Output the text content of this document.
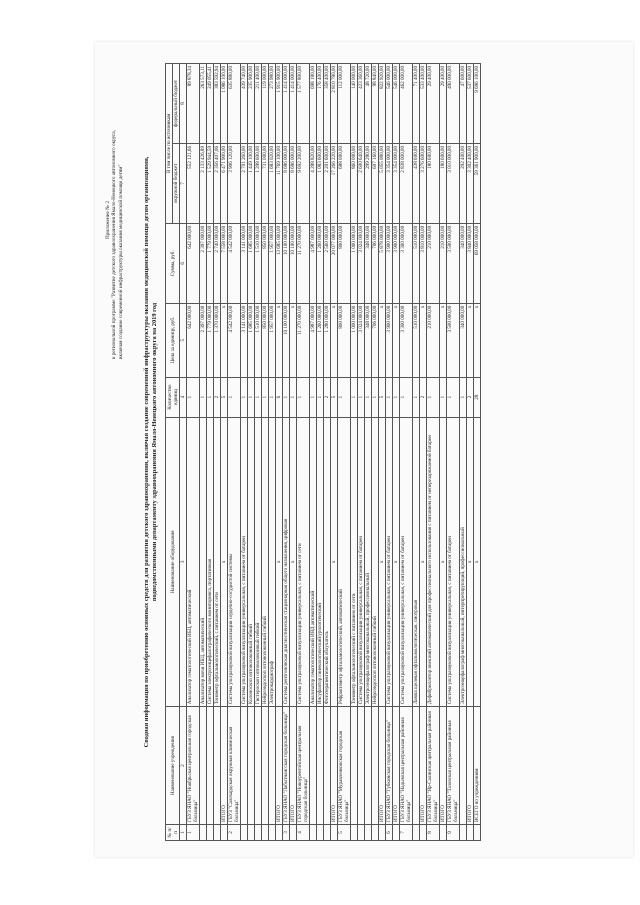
Приложение № 2 к региональной программе "Развитие детского здравоохранения Ямало-Ненецкого автономного округа, включая создание современной инфраструктуры оказания медицинской помощи детям"	Сводная информация по приобретению основных средств для развития детского здравоохранения, включая создание современной инфраструктуры оказания медицинской помощи детям организациями, подведомственными департаменту здравоохранения Ямало-Ненецкого автономного округа на 2019 год
№ п/п	Наименование учреждения	Наименование оборудования	Количество единиц	Цена за единицу, руб.	Сумма, руб.	В том числе по источникам	
						окружной бюджет	федеральный бюджет
1	2	3	4	5	6	7	8
1	ГБУЗ ЯНАО "Ноябрьская центральная городская больница"	Анализатор гематологический ИБЦ, автоматический	1	642 000,00	642 000,00	552 121,66	89 878,34
		Анализатор мочи ИБЦ, автоматический	1	2 397 000,00	2 397 000,00	2 133 426,89	263 573,11
		Система электроэнцефалографического мониторинга, портативная	1	1 779 000,00	1 779 000,00	1 529 944,59	249 055,41
		Тонометр офтальмологический, с питанием от сети	2	1 370 000,00	2 740 000,00	2 356 407,06	383 592,94
	ИТОГО	х	5	х	7 558 000,00	6 471 900,00	1 086 100,00
2	ГБУЗ "Салехардская окружная клиническая больница"	Система ультразвуковой визуализации сердечно-сосудистой системы	1	4 542 000,00	4 542 000,00	3 906 120,00	635 880,00
		Система ультразвуковой визуализации универсальная, с питанием от батареи	1	3 141 000,00	3 141 000,00	2 701 260,00	439 740,00
		Колоноскоп оптоволоконный гибкий	1	1 685 000,00	1 685 000,00	1 449 100,00	235 900,00
		Гистероскоп оптоволоконный гибкий	1	1 510 000,00	1 510 000,00	1 298 600,00	211 400,00
		Нейроэндоскоп оптоволоконный гибкий	1	850 000,00	850 000,00	731 000,00	119 000,00
		Электрокардиограф	1	1 957 000,00	1 957 000,00	1 683 020,00	273 980,00
	ИТОГО	х	6	х	13 685 000,00	11 769 100,00	1 915 900,00
3	ГБУЗ ЯНАО "Лабытнангская городская больница"	Система рентгеновская диагностическая стационарная общего назначения, цифровая	1	10 100 000,00	10 100 000,00	8 686 000,00	1 414 000,00
	ИТОГО	х	1	х	10 100 000,00	8 686 000,00	1 414 000,00
4	ГБУЗ ЯНАО "Новоуренгойская центральная городская больница"	Система ультразвуковой визуализации универсальная, с питанием от сети	1	11 270 000,00	11 270 000,00	9 692 200,00	1 577 800,00
		Анализатор гематологический ИВД автоматический	1	4 987 000,00	4 987 000,00	4 288 820,00	698 180,00
		Инсуфлятор гинекологический/урологический	1	1 260 000,00	1 260 000,00	1 083 600,00	176 400,00
		Фототерапевтический облучатель	2	1 280 000,00	2 560 000,00	2 201 600,00	358 400,00
	ИТОГО	х	5	х	20 077 000,00	17 266 220,00	2 810 780,00
5	ГБУЗ ЯНАО "Муравленковская городская больница"	Рефрактометр офтальмологический, автоматический	1	800 000,00	800 000,00	688 000,00	112 000,00
		Тонометр офтальмологический с питанием от сети	1	1 000 000,00	1 000 000,00	860 000,00	140 000,00
		Система ультразвуковой визуализации универсальная, с питанием от батареи	1	3 024 000,00	3 024 000,00	2 600 640,00	423 360,00
		Электроэнцефалограф многоканальный, профессиональный	1	348 000,00	348 000,00	299 280,00	48 720,00
		Нейроэндоскоп оптоволоконный гибкий	1	706 000,00	706 000,00	607 160,00	98 840,00
	ИТОГО	х	5	х	5 878 000,00	5 055 080,00	822 920,00
6	ГБУЗ ЯНАО "Губкинская городская больница"	Система ультразвуковой визуализации универсальная, с питанием от батареи	1	3 900 000,00	3 900 000,00	3 354 000,00	546 000,00
	ИТОГО	х	1	х	3 900 000,00	3 354 000,00	546 000,00
7	ГБУЗ ЯНАО "Надымская центральная районная больница"	Система ультразвуковой визуализации универсальная, с питанием от батареи	1	3 300 000,00	3 300 000,00	2 838 000,00	462 000,00
		Лампа щелевая офтальмологическая, смотровая	1	510 000,00	510 000,00	438 600,00	71 400,00
	ИТОГО	х	2	х	3 810 000,00	3 276 600,00	533 400,00
8	ГБУЗ ЯНАО "Яр-Салинская центральная районная больница"	Дефибриллятор внешний автоматический для профессионального использования с питанием от неперезаряжаемой батареи	1	210 000,00	210 000,00	180 600,00	29 400,00
	ИТОГО	х	1	х	210 000,00	180 600,00	29 400,00
9	ГБУЗ ЯНАО "Тазовская центральная районная больница"	Система ультразвуковой визуализации универсальная, с питанием от батареи	1	3 500 000,00	3 500 000,00	3 010 000,00	490 000,00
		Электроэнцефалограф многоканальный, интерпретирующий, профессиональный	1	340 000,00	340 000,00	292 400,00	47 600,00
	ИТОГО	х	2	х	3 840 000,00	3 302 400,00	537 600,00
	ВСЕГО по учреждениям	х	28	х	69 058 000,00	59 361 900,00	9 696 100,00
